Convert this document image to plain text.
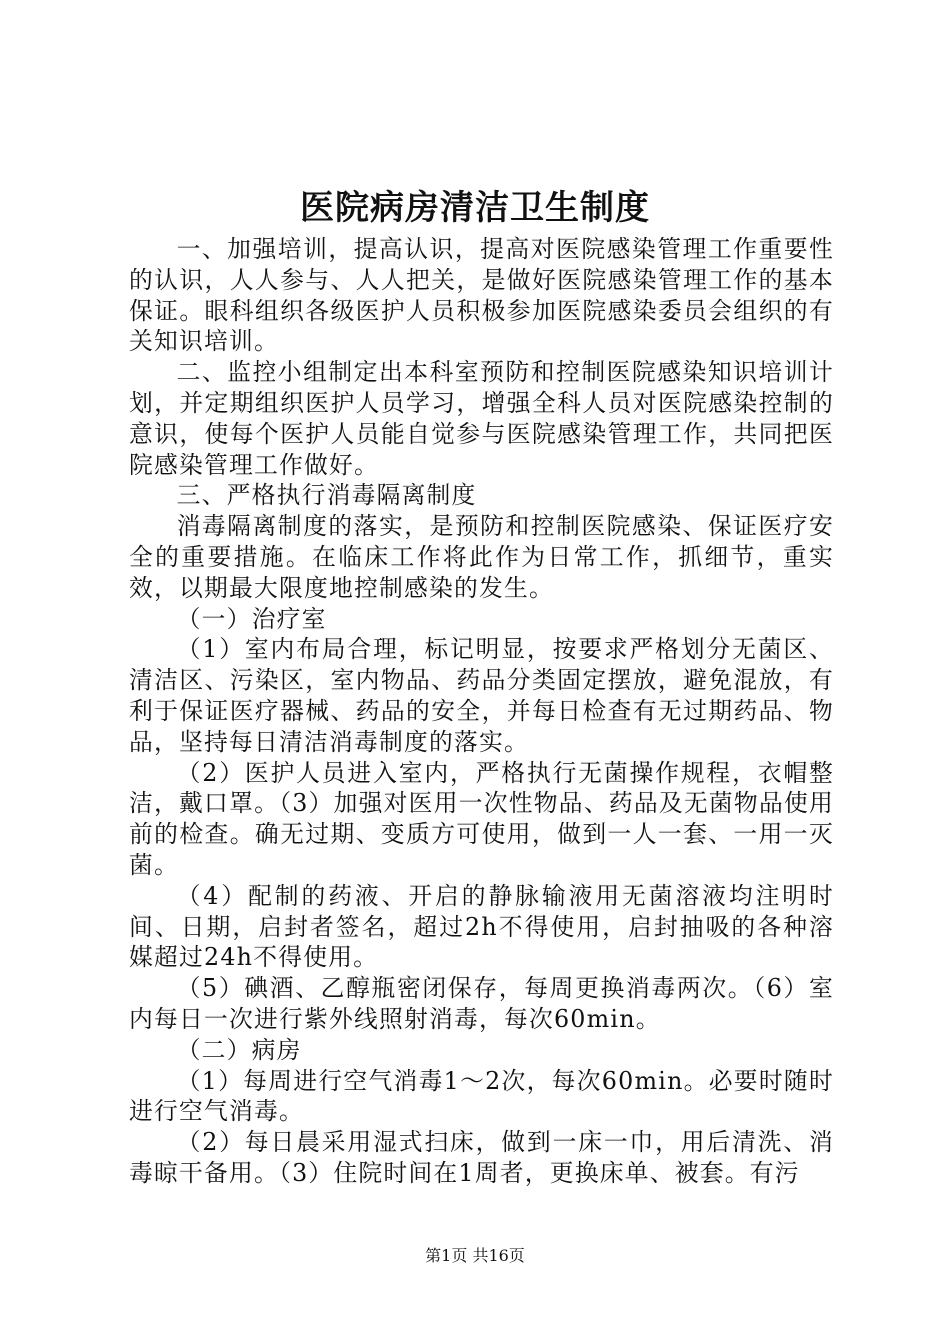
医院病房清洁卫生制度

一、加强培训，提高认识，提高对医院感染管理工作重要性的认识，人人参与、人人把关，是做好医院感染管理工作的基本保证。眼科组织各级医护人员积极参加医院感染委员会组织的有关知识培训。

二、监控小组制定出本科室预防和控制医院感染知识培训计划，并定期组织医护人员学习，增强全科人员对医院感染控制的意识，使每个医护人员能自觉参与医院感染管理工作，共同把医院感染管理工作做好。

三、严格执行消毒隔离制度

消毒隔离制度的落实，是预防和控制医院感染、保证医疗安全的重要措施。在临床工作将此作为日常工作，抓细节，重实效，以期最大限度地控制感染的发生。

（一）治疗室

（1）室内布局合理，标记明显，按要求严格划分无菌区、清洁区、污染区，室内物品、药品分类固定摆放，避免混放，有利于保证医疗器械、药品的安全，并每日检查有无过期药品、物品，坚持每日清洁消毒制度的落实。

（2）医护人员进入室内，严格执行无菌操作规程，衣帽整洁，戴口罩。（3）加强对医用一次性物品、药品及无菌物品使用前的检查。确无过期、变质方可使用，做到一人一套、一用一灭菌。

（4）配制的药液、开启的静脉输液用无菌溶液均注明时间、日期，启封者签名，超过2h不得使用，启封抽吸的各种溶媒超过24h不得使用。

（5）碘酒、乙醇瓶密闭保存，每周更换消毒两次。（6）室内每日一次进行紫外线照射消毒，每次60min。

（二）病房

（1）每周进行空气消毒1～2次，每次60min。必要时随时进行空气消毒。

（2）每日晨采用湿式扫床，做到一床一巾，用后清洗、消毒晾干备用。（3）住院时间在1周者，更换床单、被套。有污

第1页 共16页
